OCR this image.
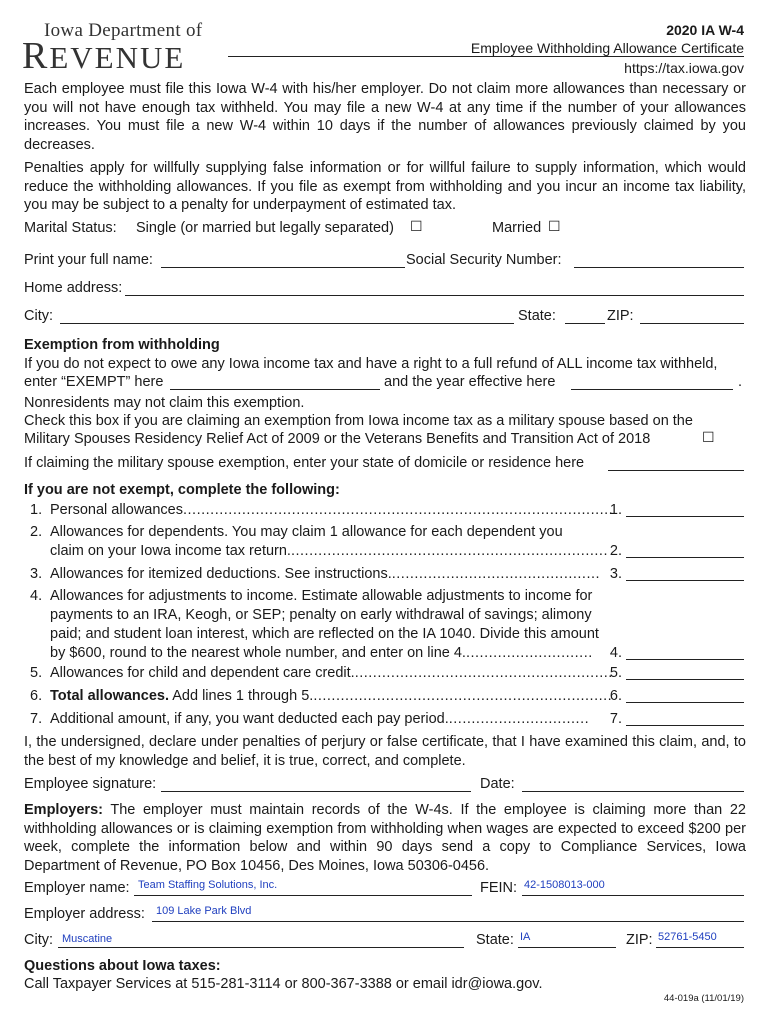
Iowa Department of
REVENUE
2020 IA W-4
Employee Withholding Allowance Certificate
https://tax.iowa.gov
Each employee must file this Iowa W-4 with his/her employer. Do not claim more allowances than necessary or you will not have enough tax withheld. You may file a new W-4 at any time if the number of your allowances increases. You must file a new W-4 within 10 days if the number of allowances previously claimed by you decreases.
Penalties apply for willfully supplying false information or for willful failure to supply information, which would reduce the withholding allowances. If you file as exempt from withholding and you incur an income tax liability, you may be subject to a penalty for underpayment of estimated tax.
Marital Status: Single (or married but legally separated) ☐	Married ☐
Print your full name:	Social Security Number:
Home address:
City:	State:	ZIP:
Exemption from withholding
If you do not expect to owe any Iowa income tax and have a right to a full refund of ALL income tax withheld,
enter “EXEMPT” here	and the year effective here	.
Nonresidents may not claim this exemption.
Check this box if you are claiming an exemption from Iowa income tax as a military spouse based on the
Military Spouses Residency Relief Act of 2009 or the Veterans Benefits and Transition Act of 2018	☐
If claiming the military spouse exemption, enter your state of domicile or residence here
If you are not exempt, complete the following:
1. Personal allowances...............................................................................................
1.
2. Allowances for dependents. You may claim 1 allowance for each dependent you
claim on your Iowa income tax return....................................................................... 2.
3. Allowances for itemized deductions. See instructions............................................... 3.
4. Allowances for adjustments to income. Estimate allowable adjustments to income for
payments to an IRA, Keogh, or SEP; penalty on early withdrawal of savings; alimony
paid; and student loan interest, which are reflected on the IA 1040. Divide this amount
by $600, round to the nearest whole number, and enter on line 4............................. 4.
5. Allowances for child and dependent care credit..........................................................
5.
6. Total allowances. Add lines 1 through 5...................................................................
6.
7. Additional amount, if any, you want deducted each pay period................................ 7.
I, the undersigned, declare under penalties of perjury or false certificate, that I have examined this claim, and, to the best of my knowledge and belief, it is true, correct, and complete.
Employee signature:	Date:
Employers: The employer must maintain records of the W-4s. If the employee is claiming more than 22 withholding allowances or is claiming exemption from withholding when wages are expected to exceed $200 per week, complete the information below and within 90 days send a copy to Compliance Services, Iowa Department of Revenue, PO Box 10456, Des Moines, Iowa 50306-0456.
Employer name: Team Staffing Solutions, Inc.	FEIN: 42-1508013-000
Employer address: 109 Lake Park Blvd
City: Muscatine	State: IA	ZIP: 52761-5450
Questions about Iowa taxes:
Call Taxpayer Services at 515-281-3114 or 800-367-3388 or email idr@iowa.gov.
44-019a (11/01/19)
